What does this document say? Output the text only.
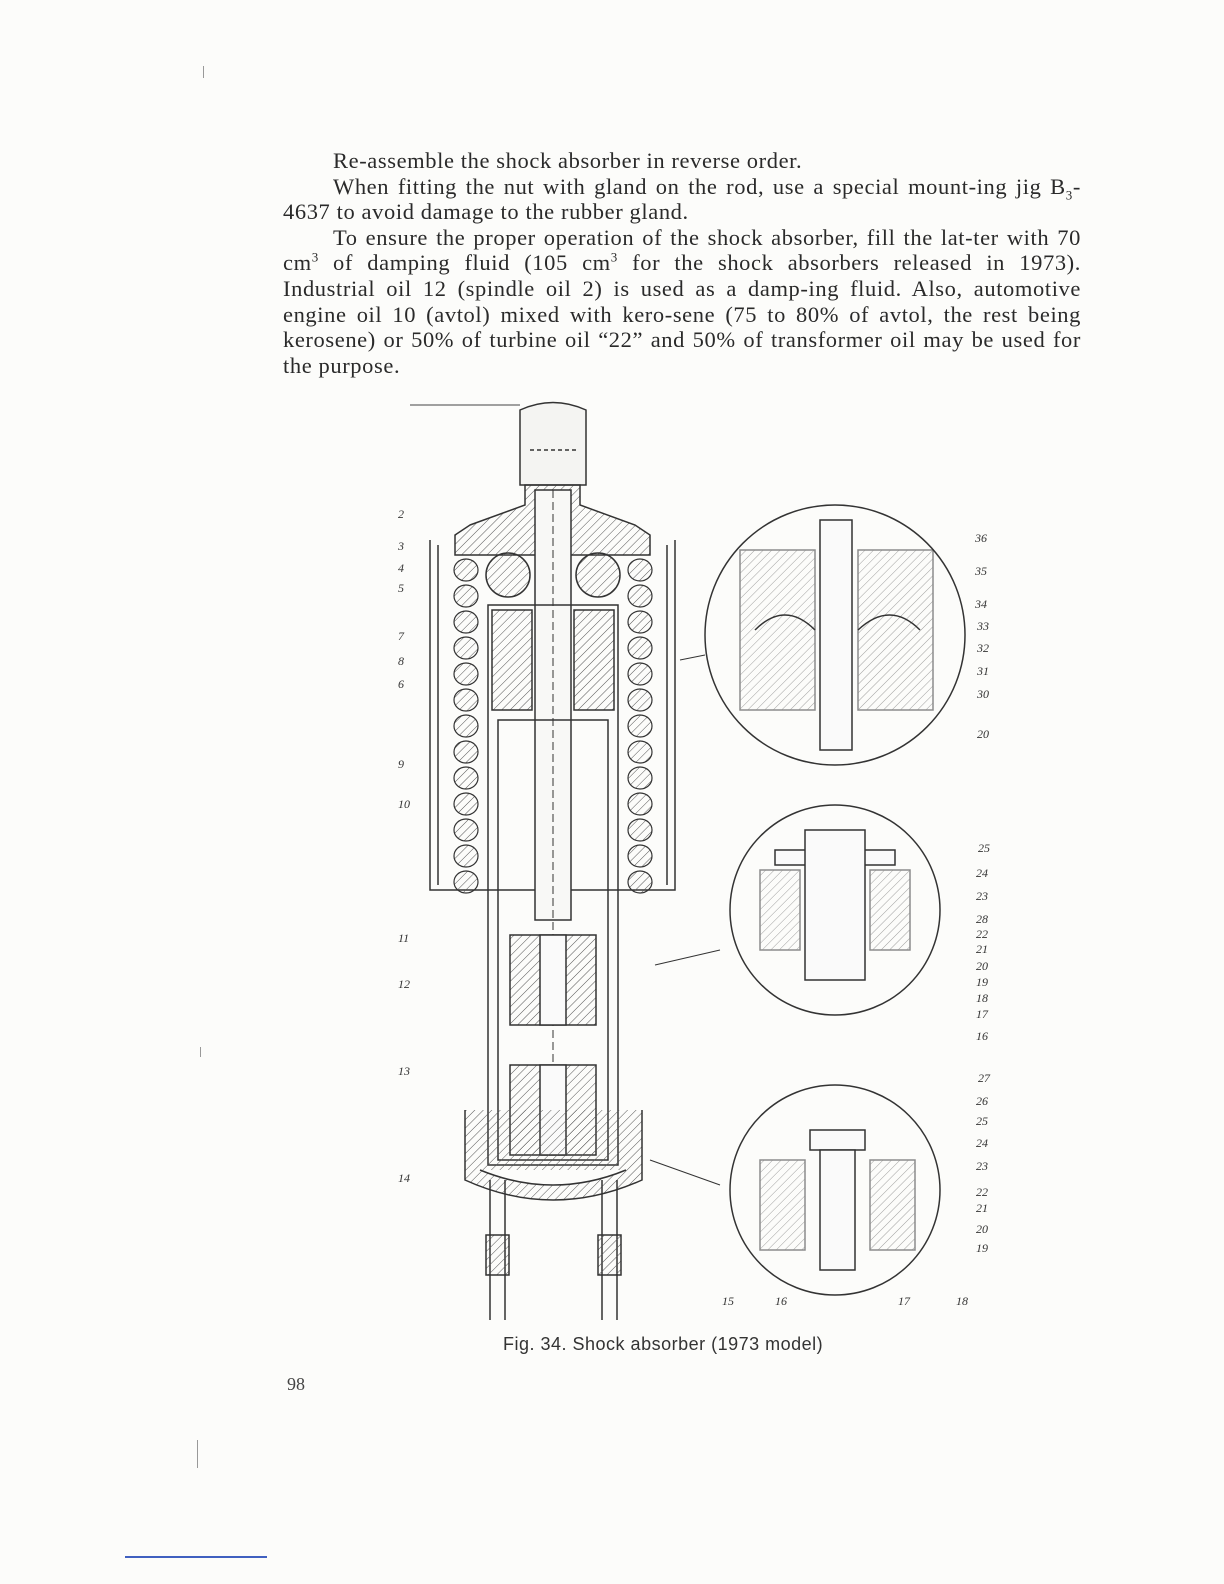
Re-assemble the shock absorber in reverse order.

When fitting the nut with gland on the rod, use a special mount-ing jig $B_3-4637$ to avoid damage to the rubber gland.

To ensure the proper operation of the shock absorber, fill the lat-ter with 70 $cm^3$ of damping fluid (105 $cm^3$ for the shock absorbers released in 1973). Industrial oil 12 (spindle oil 2) is used as a damp-ing fluid. Also, automotive engine oil 10 (avtol) mixed with kero-sene (75 to 80% of avtol, the rest being kerosene) or 50% of turbine oil “22” and 50% of transformer oil may be used for the purpose.

2
3
4
5
7
8
6
9
10
11
12
13
14
36
35
34
33
32
31
30
20
25
24
23
28
22
21
20
19
18
17
16
27
26
25
24
23
22
21
20
19
15	16	17	18
Fig. 34. Shock absorber (1973 model)
98
